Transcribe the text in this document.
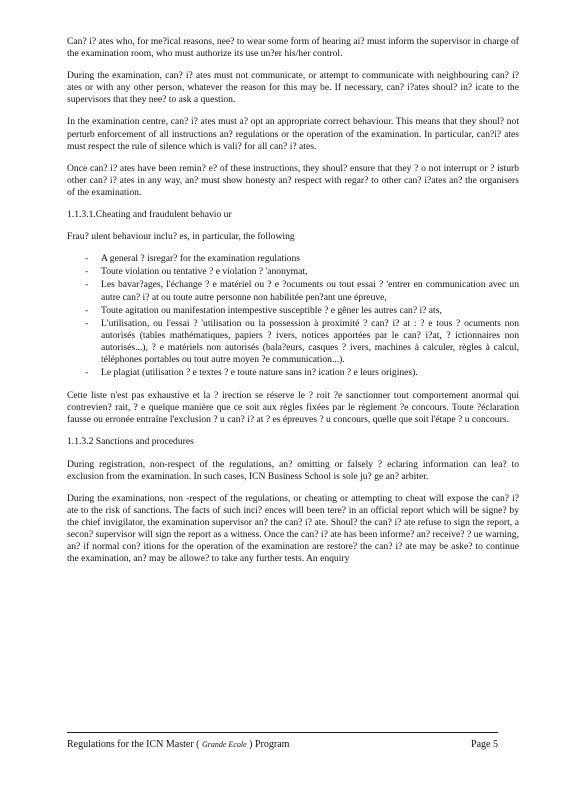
Can? i? ates who, for me?ical reasons, nee? to wear some form of hearing ai? must inform the supervisor in charge of the examination room, who must authorize its use un?er his/her control.

During the examination, can? i? ates must not communicate, or attempt to communicate with neighbouring can? i? ates or with any other person, whatever the reason for this may be. If necessary, can? i?ates shoul? in? icate to the supervisors that they nee? to ask a question.

In the examination centre, can? i? ates must a? opt an appropriate correct behaviour. This means that they shoul? not perturb enforcement of all instructions an? regulations or the operation of the examination. In particular, can?i? ates must respect the rule of silence which is vali? for all can? i? ates.

Once can? i? ates have been remin? e? of these instructions, they shoul? ensure that they ? o not interrupt or ? isturb other can? i? ates in any way, an? must show honesty an? respect with regar? to other can? i?ates an? the organisers of the examination.

1.1.3.1.Cheating and fraudulent behavio ur

Frau? ulent behaviour inclu? es, in particular, the following

- A general ? isregar? for the examination regulations
- Toute violation ou tentative ? e violation ? 'anonymat,
- Les bavar?ages, l'échange ? e matériel ou ? e ?ocuments ou tout essai ? 'entrer en communication avec un autre can? i? at ou toute autre personne non habilitée pen?ant une épreuve,
- Toute agitation ou manifestation intempestive susceptible ? e gêner les autres can? i? ats,
- L'utilisation, ou l'essai ? 'utilisation ou la possession à proximité ? can? i? at : ? e tous ? ocuments non autorisés (tables mathématiques, papiers ? ivers, notices apportées par le can? i?at, ? ictionnaires non autorisés...), ? e matériels non autorisés (bala?eurs, casques ? ivers, machines à calculer, règles à calcul, téléphones portables ou tout autre moyen ?e communication...).
- Le plagiat (utilisation ? e textes ? e toute nature sans in? ication ? e leurs origines).

Cette liste n'est pas exhaustive et la ? irection se réserve le ? roit ?e sanctionner tout comportement anormal qui contrevien? rait, ? e quelque manière que ce soit aux règles fixées par le règlement ?e concours. Toute ?éclaration fausse ou erronée entraîne l'exclusion ? u can? i? at ? es épreuves ? u concours, quelle que soit l'étape ? u concours.

1.1.3.2 Sanctions and procedures

During registration, non-respect of the regulations, an? omitting or falsely ? eclaring information can lea? to exclusion from the examination. In such cases, ICN Business School is sole ju? ge an? arbiter.

During the examinations, non -respect of the regulations, or cheating or attempting to cheat will expose the can? i? ate to the risk of sanctions. The facts of such inci? ences will been tere? in an official report which will be signe? by the chief invigilator, the examination supervisor an? the can? i? ate. Shoul? the can? i? ate refuse to sign the report, a secon? supervisor will sign the report as a witness. Once the can? i? ate has been informe? an? receive? ? ue warning, an? if normal con? itions for the operation of the examination are restore? the can? i? ate may be aske? to continue the examination, an? may be allowe? to take any further tests. An enquiry

Regulations for the ICN Master ( Grande Ecole ) Program	Page 5
